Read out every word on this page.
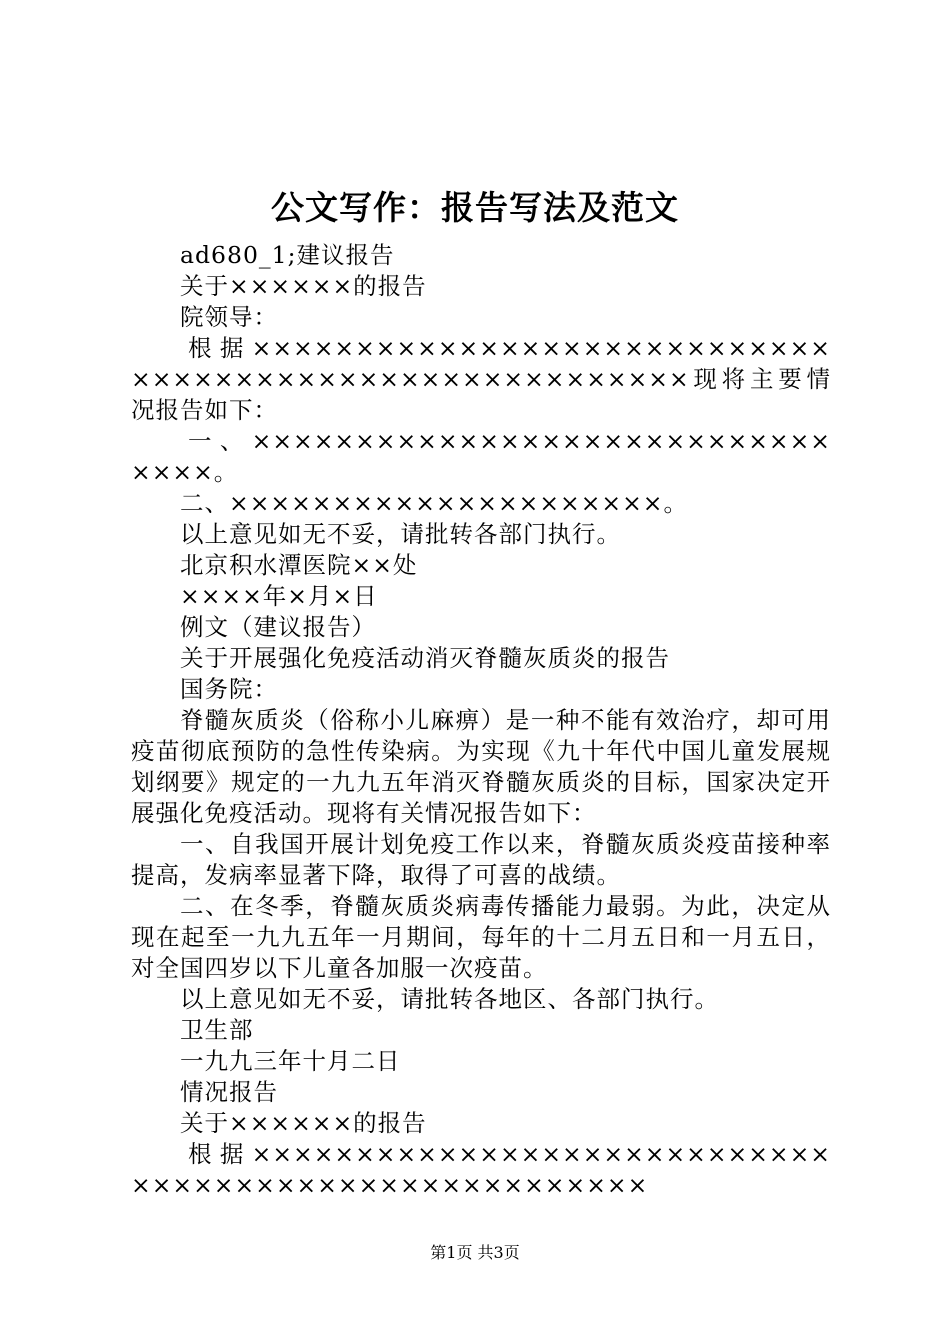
公文写作：报告写法及范文

ad680_1;建议报告

关于××××××的报告

院领导：

根据×××××××××××××××××××××××××××××××××××××××××××××××××××××××现将主要情况报告如下：

一、××××××××××××××××××××××××××××××××。

二、×××××××××××××××××××××。

以上意见如无不妥，请批转各部门执行。

北京积水潭医院××处

××××年×月×日

例文（建议报告）

关于开展强化免疫活动消灭脊髓灰质炎的报告

国务院：

脊髓灰质炎（俗称小儿麻痹）是一种不能有效治疗，却可用疫苗彻底预防的急性传染病。为实现《九十年代中国儿童发展规划纲要》规定的一九九五年消灭脊髓灰质炎的目标，国家决定开展强化免疫活动。现将有关情况报告如下：

一、自我国开展计划免疫工作以来，脊髓灰质炎疫苗接种率提高，发病率显著下降，取得了可喜的战绩。

二、在冬季，脊髓灰质炎病毒传播能力最弱。为此，决定从现在起至一九九五年一月期间，每年的十二月五日和一月五日，对全国四岁以下儿童各加服一次疫苗。

以上意见如无不妥，请批转各地区、各部门执行。

卫生部

一九九三年十月二日

情况报告

关于××××××的报告

根据×××××××××××××××××××××××××××××××××××××××××××××××××××××

第1页 共3页
